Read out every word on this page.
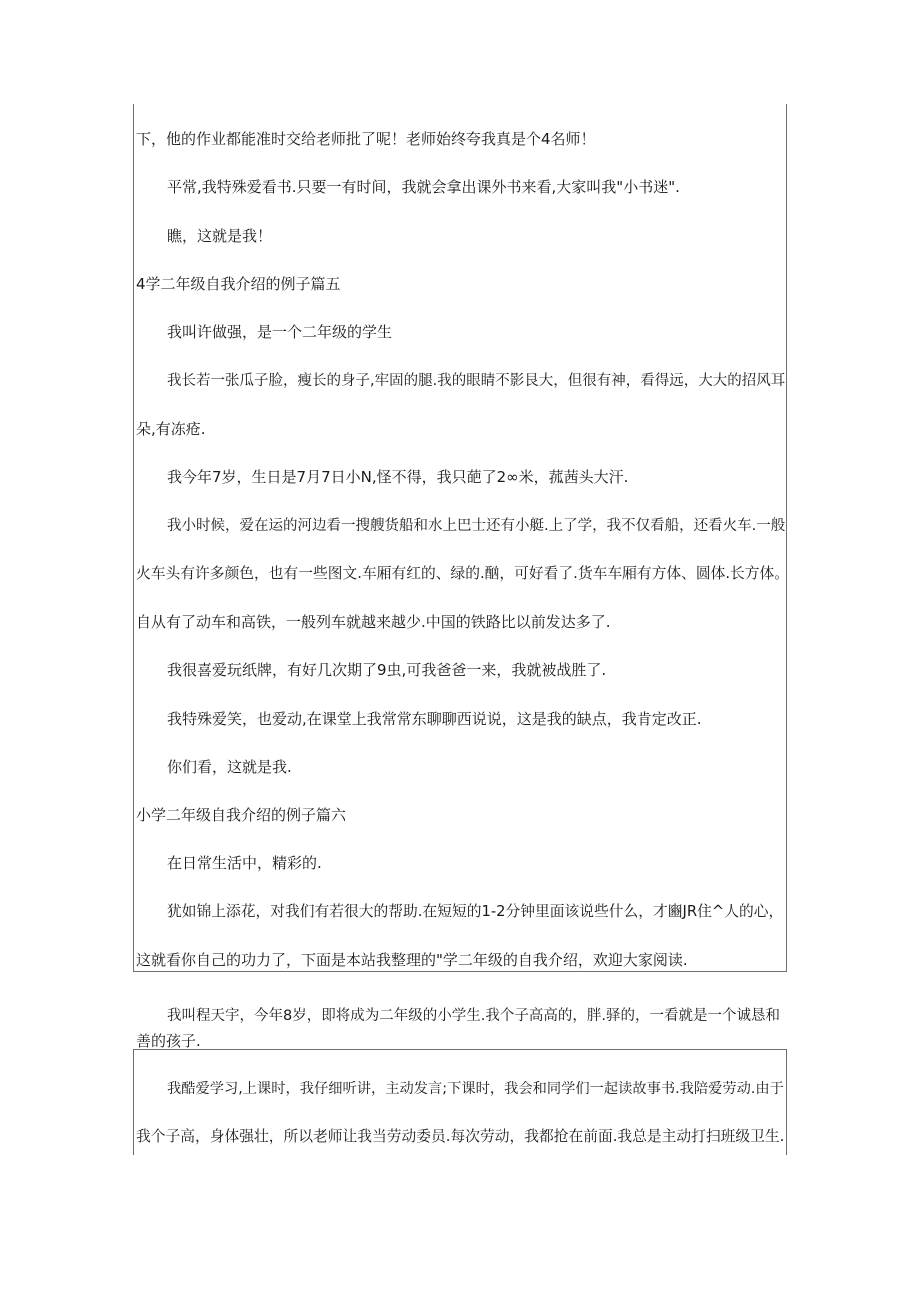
下，他的作业都能准时交给老师批了呢！老师始终夸我真是个4名师！
平常,我特殊爱看书.只要一有时间，我就会拿出课外书来看,大家叫我"小书迷".
瞧，这就是我！
4学二年级自我介绍的例子篇五
我叫许做强，是一个二年级的学生
我长若一张瓜子脸，瘦长的身子,牢固的腿.我的眼睛不影艮大，但很有神，看得远，大大的招风耳
朵,有冻疮.
我今年7岁，生日是7月7日小N,怪不得，我只葩了2∞米，菰茜头大汗.
我小时候，爱在运的河边看一搜艘货船和水上巴士还有小艇.上了学，我不仅看船，还看火车.一般
火车头有许多颜色，也有一些图文.车厢有红的、绿的.酗，可好看了.货车车厢有方体、圆体.长方体。
自从有了动车和高铁，一般列车就越来越少.中国的铁路比以前发达多了.
我很喜爱玩纸牌，有好几次期了9虫,可我爸爸一来，我就被战胜了.
我特殊爱笑，也爱动,在课堂上我常常东聊聊西说说，这是我的缺点，我肯定改正.
你们看，这就是我.
小学二年级自我介绍的例子篇六
在日常生活中，精彩的.
犹如锦上添花，对我们有若很大的帮助.在短短的1-2分钟里面该说些什么，才豳JR住^人的心，
这就看你自己的功力了，下面是本站我整理的"学二年级的自我介绍，欢迎大家阅读.
我叫程天宇，今年8岁，即将成为二年级的小学生.我个子高高的，胖.驿的，一看就是一个诚恳和
善的孩子.
我酷爱学习,上课时，我仔细听讲，主动发言;下课时，我会和同学们一起读故事书.我陪爱劳动.由于
我个子高，身体强壮，所以老师让我当劳动委员.每次劳动，我都抢在前面.我总是主动打扫班级卫生.
